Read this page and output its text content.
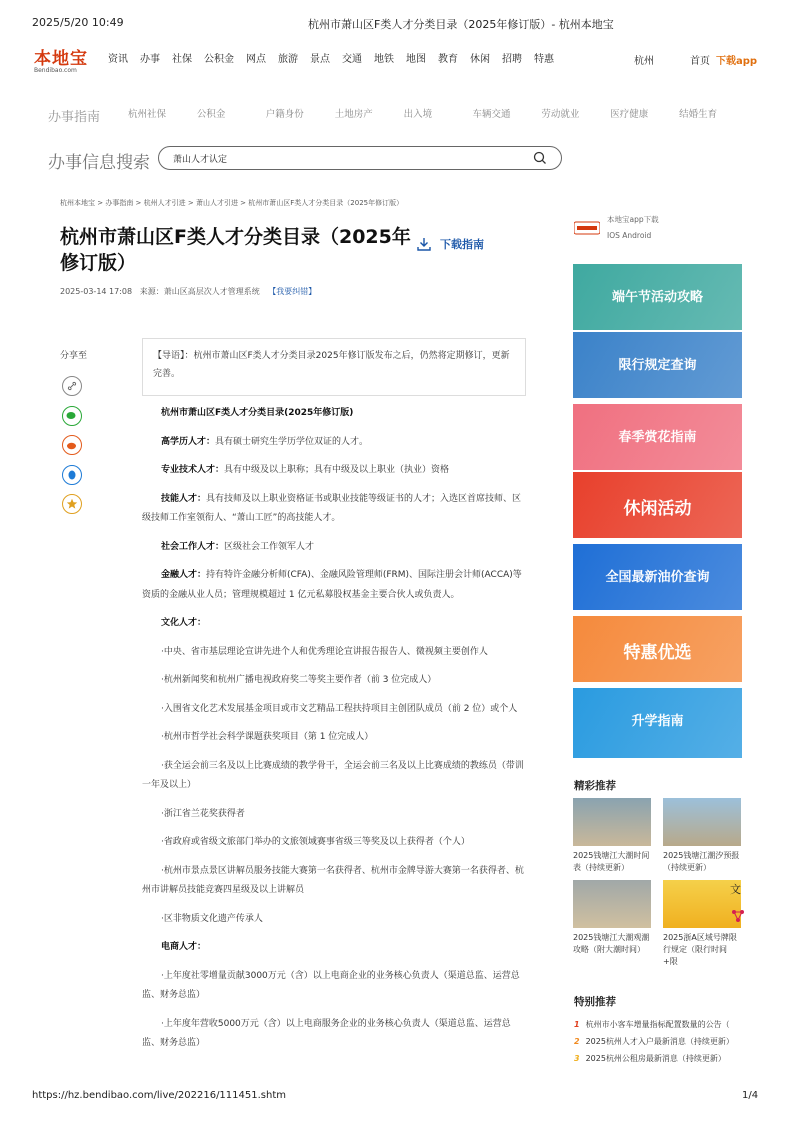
2025/5/20 10:49	杭州市萧山区F类人才分类目录（2025年修订版）- 杭州本地宝
本地宝
Bendibao.com
资讯 办事 社保 公积金 网点 旅游 景点 交通 地铁 地图 教育 休闲 招聘 特惠	杭州	首页 下载app
办事指南	杭州社保	公积金	户籍身份	土地房产	出入境	车辆交通	劳动就业	医疗健康	结婚生育
办事信息搜索
萧山人才认定
杭州本地宝 > 办事指南 > 杭州人才引进 > 萧山人才引进 > 杭州市萧山区F类人才分类目录（2025年修订版）
杭州市萧山区F类人才分类目录（2025年修订版）
下载指南
2025-03-14 17:08 来源：萧山区高层次人才管理系统 【我要纠错】
分享至	【导语】：杭州市萧山区F类人才分类目录2025年修订版发布之后，仍然将定期修订，更新完善。

杭州市萧山区F类人才分类目录(2025年修订版)

高学历人才：具有硕士研究生学历学位双证的人才。

专业技术人才：具有中级及以上职称；具有中级及以上职业（执业）资格

技能人才：具有技师及以上职业资格证书或职业技能等级证书的人才；入选区首席技师、区级技师工作室领衔人、“萧山工匠”的高技能人才。

社会工作人才：区级社会工作领军人才

金融人才：持有特许金融分析师(CFA)、金融风险管理师(FRM)、国际注册会计师(ACCA)等资质的金融从业人员；管理规模超过 1 亿元私募股权基金主要合伙人或负责人。

文化人才：

·中央、省市基层理论宣讲先进个人和优秀理论宣讲报告报告人、微视频主要创作人

·杭州新闻奖和杭州广播电视政府奖二等奖主要作者（前 3 位完成人）

·入围省文化艺术发展基金项目或市文艺精品工程扶持项目主创团队成员（前 2 位）或个人

·杭州市哲学社会科学课题获奖项目（第 1 位完成人）

·获全运会前三名及以上比赛成绩的教学骨干，全运会前三名及以上比赛成绩的教练员（带训一年及以上）

·浙江省兰花奖获得者

·省政府或省级文旅部门举办的文旅领域赛事省级三等奖及以上获得者（个人）

·杭州市景点景区讲解员服务技能大赛第一名获得者、杭州市金牌导游大赛第一名获得者、杭州市讲解员技能竞赛四星级及以上讲解员

·区非物质文化遗产传承人

电商人才：

·上年度社零增量贡献3000万元（含）以上电商企业的业务核心负责人（渠道总监、运营总监、财务总监）

·上年度年营收5000万元（含）以上电商服务企业的业务核心负责人（渠道总监、运营总监、财务总监）

本地宝app下载
IOS Android
端午节活动攻略
限行规定查询
春季赏花指南
休闲活动
全国最新油价查询
特惠优选
升学指南
精彩推荐
2025钱塘江大潮时间表（持续更新）
2025钱塘江潮汐预报（持续更新）
2025钱塘江大潮观潮攻略（附大潮时间）
2025浙A区域号牌限行规定（限行时间+限
特别推荐
1 杭州市小客车增量指标配置数量的公告（
2 2025杭州人才入户最新消息（持续更新）
3 2025杭州公租房最新消息（持续更新）
文
https://hz.bendibao.com/live/202216/111451.shtm	1/4
